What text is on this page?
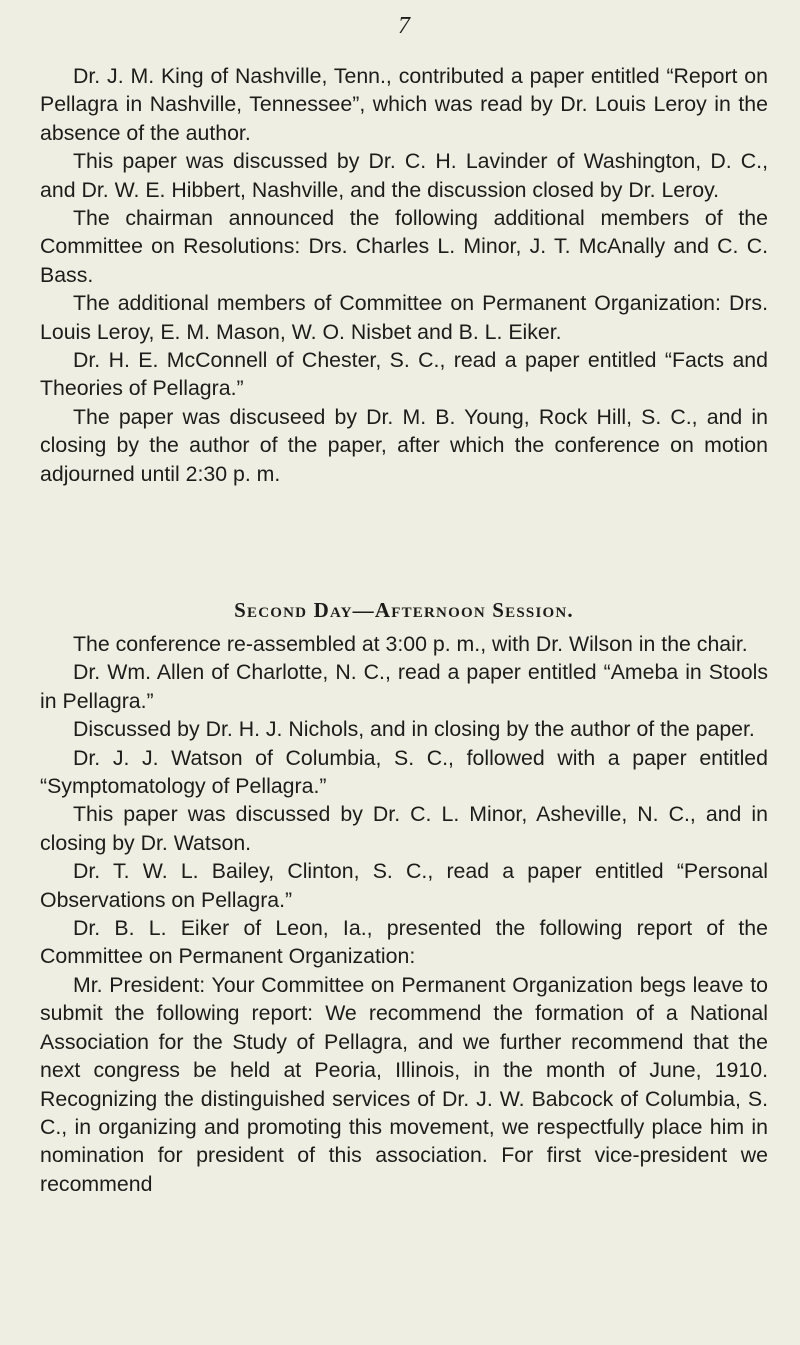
7

Dr. J. M. King of Nashville, Tenn., contributed a paper entitled “Report on Pellagra in Nashville, Tennessee”, which was read by Dr. Louis Leroy in the absence of the author.

This paper was discussed by Dr. C. H. Lavinder of Washington, D. C., and Dr. W. E. Hibbert, Nashville, and the discussion closed by Dr. Leroy.

The chairman announced the following additional members of the Committee on Resolutions: Drs. Charles L. Minor, J. T. McAnally and C. C. Bass.

The additional members of Committee on Permanent Organization: Drs. Louis Leroy, E. M. Mason, W. O. Nisbet and B. L. Eiker.

Dr. H. E. McConnell of Chester, S. C., read a paper entitled “Facts and Theories of Pellagra.”

The paper was discuseed by Dr. M. B. Young, Rock Hill, S. C., and in closing by the author of the paper, after which the conference on motion adjourned until 2:30 p. m.

Second Day—Afternoon Session.

The conference re-assembled at 3:00 p. m., with Dr. Wilson in the chair.

Dr. Wm. Allen of Charlotte, N. C., read a paper entitled “Ameba in Stools in Pellagra.”

Discussed by Dr. H. J. Nichols, and in closing by the author of the paper.

Dr. J. J. Watson of Columbia, S. C., followed with a paper entitled “Symptomatology of Pellagra.”

This paper was discussed by Dr. C. L. Minor, Asheville, N. C., and in closing by Dr. Watson.

Dr. T. W. L. Bailey, Clinton, S. C., read a paper entitled “Personal Observations on Pellagra.”

Dr. B. L. Eiker of Leon, Ia., presented the following report of the Committee on Permanent Organization:

Mr. President: Your Committee on Permanent Organization begs leave to submit the following report: We recommend the formation of a National Association for the Study of Pellagra, and we further recommend that the next congress be held at Peoria, Illinois, in the month of June, 1910. Recognizing the distinguished services of Dr. J. W. Babcock of Columbia, S. C., in organizing and promoting this movement, we respectfully place him in nomination for president of this association. For first vice-president we recommend
